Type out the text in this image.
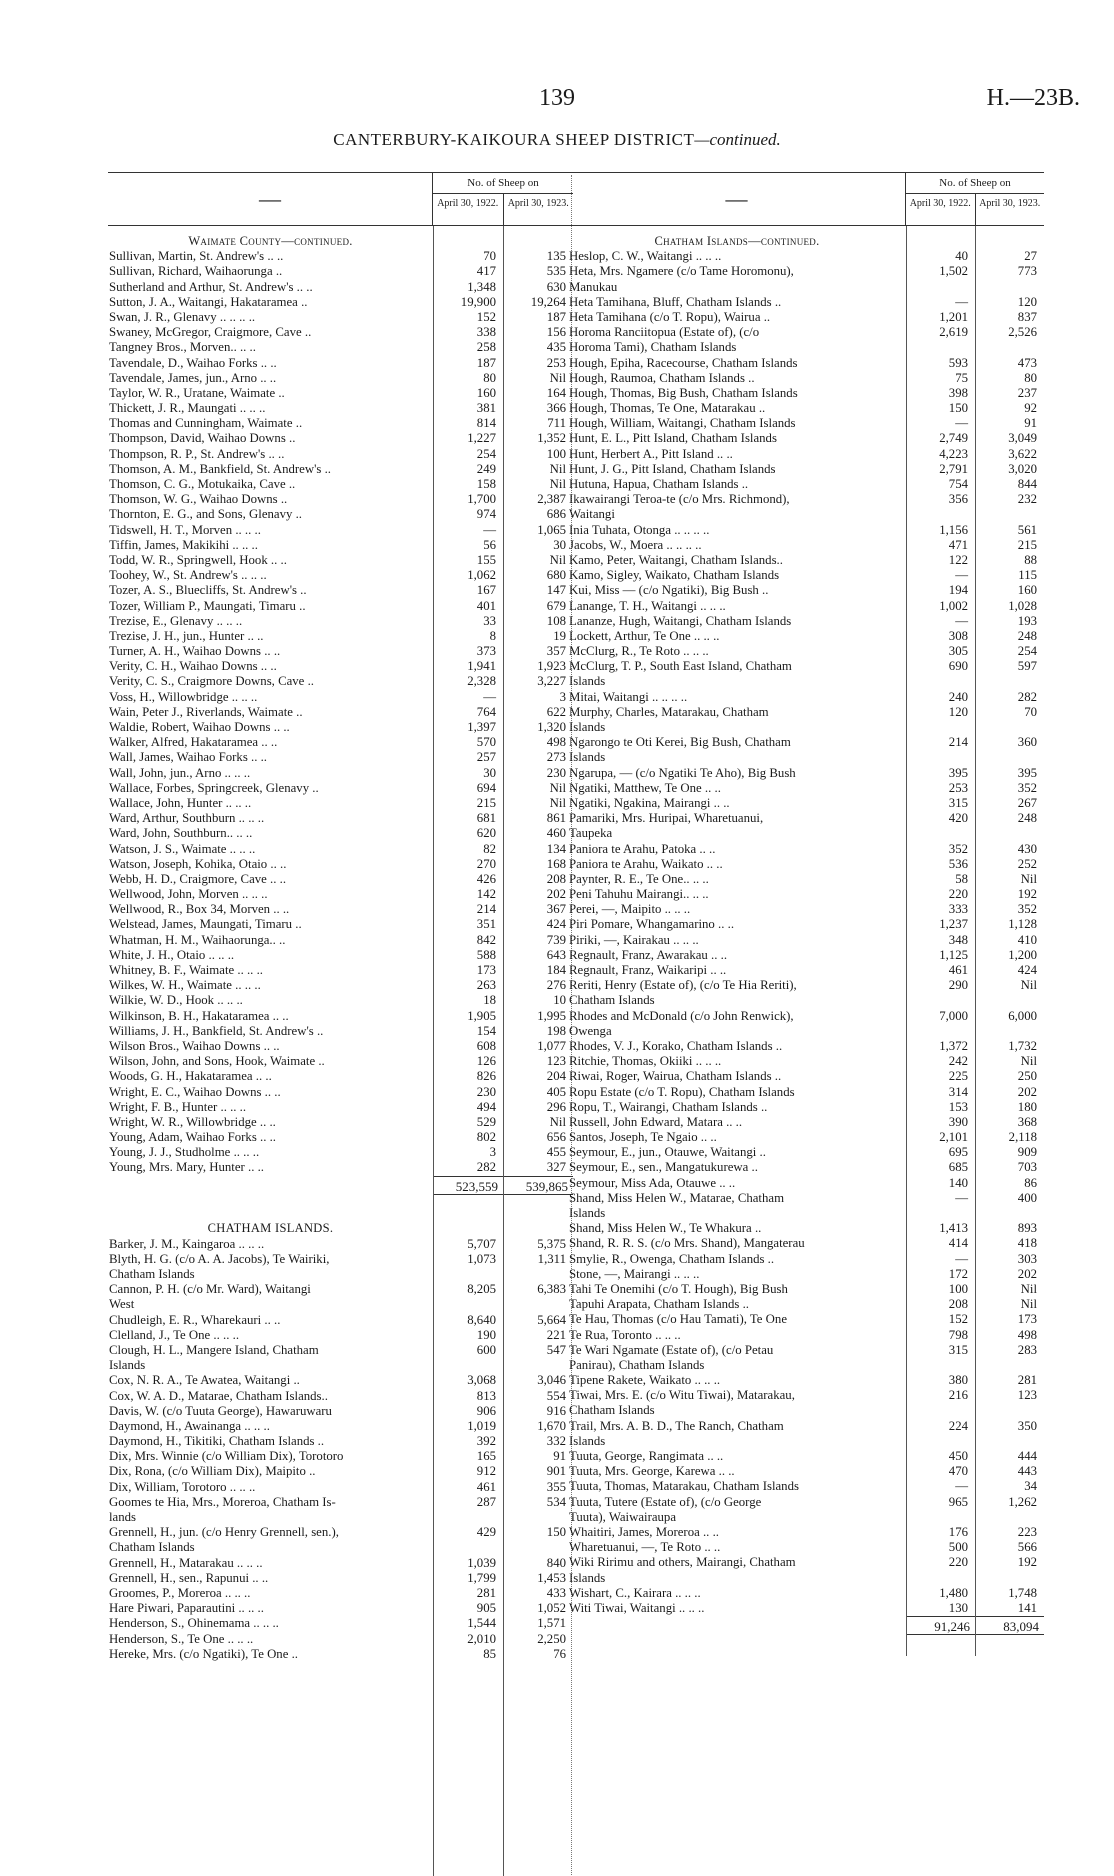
139	H.—23B.
CANTERBURY-KAIKOURA SHEEP DISTRICT—continued.
—
No. of Sheep on
April 30, 1922. April 30, 1923.
Waimate County—continued.
Sullivan, Martin, St. Andrew's .. ..	70	135
Sullivan, Richard, Waihaorunga ..	417	535
Sutherland and Arthur, St. Andrew's .. ..	1,348	630
Sutton, J. A., Waitangi, Hakataramea ..	19,900	19,264
Swan, J. R., Glenavy .. .. .. ..	152	187
Swaney, McGregor, Craigmore, Cave ..	338	156
Tangney Bros., Morven.. .. ..	258	435
Tavendale, D., Waihao Forks .. ..	187	253
Tavendale, James, jun., Arno .. ..	80	Nil
Taylor, W. R., Uratane, Waimate ..	160	164
Thickett, J. R., Maungati .. .. ..	381	366
Thomas and Cunningham, Waimate ..	814	711
Thompson, David, Waihao Downs ..	1,227	1,352
Thompson, R. P., St. Andrew's .. ..	254	100
Thomson, A. M., Bankfield, St. Andrew's ..	249	Nil
Thomson, C. G., Motukaika, Cave ..	158	Nil
Thomson, W. G., Waihao Downs ..	1,700	2,387
Thornton, E. G., and Sons, Glenavy ..	974	686
Tidswell, H. T., Morven .. .. ..	—	1,065
Tiffin, James, Makikihi .. .. ..	56	30
Todd, W. R., Springwell, Hook .. ..	155	Nil
Toohey, W., St. Andrew's .. .. ..	1,062	680
Tozer, A. S., Bluecliffs, St. Andrew's ..	167	147
Tozer, William P., Maungati, Timaru ..	401	679
Trezise, E., Glenavy .. .. ..	33	108
Trezise, J. H., jun., Hunter .. ..	8	19
Turner, A. H., Waihao Downs .. ..	373	357
Verity, C. H., Waihao Downs .. ..	1,941	1,923
Verity, C. S., Craigmore Downs, Cave ..	2,328	3,227
Voss, H., Willowbridge .. .. ..	—	3
Wain, Peter J., Riverlands, Waimate ..	764	622
Waldie, Robert, Waihao Downs .. ..	1,397	1,320
Walker, Alfred, Hakataramea .. ..	570	498
Wall, James, Waihao Forks .. ..	257	273
Wall, John, jun., Arno .. .. ..	30	230
Wallace, Forbes, Springcreek, Glenavy ..	694	Nil
Wallace, John, Hunter .. .. ..	215	Nil
Ward, Arthur, Southburn .. .. ..	681	861
Ward, John, Southburn.. .. ..	620	460
Watson, J. S., Waimate .. .. ..	82	134
Watson, Joseph, Kohika, Otaio .. ..	270	168
Webb, H. D., Craigmore, Cave .. ..	426	208
Wellwood, John, Morven .. .. ..	142	202
Wellwood, R., Box 34, Morven .. ..	214	367
Welstead, James, Maungati, Timaru ..	351	424
Whatman, H. M., Waihaorunga.. ..	842	739
White, J. H., Otaio .. .. ..	588	643
Whitney, B. F., Waimate .. .. ..	173	184
Wilkes, W. H., Waimate .. .. ..	263	276
Wilkie, W. D., Hook .. .. ..	18	10
Wilkinson, B. H., Hakataramea .. ..	1,905	1,995
Williams, J. H., Bankfield, St. Andrew's ..	154	198
Wilson Bros., Waihao Downs .. ..	608	1,077
Wilson, John, and Sons, Hook, Waimate ..	126	123
Woods, G. H., Hakataramea .. ..	826	204
Wright, E. C., Waihao Downs .. ..	230	405
Wright, F. B., Hunter .. .. ..	494	296
Wright, W. R., Willowbridge .. ..	529	Nil
Young, Adam, Waihao Forks .. ..	802	656
Young, J. J., Studholme .. .. ..	3	455
Young, Mrs. Mary, Hunter .. ..	282	327
523,559	539,865
CHATHAM ISLANDS.
Barker, J. M., Kaingaroa .. .. ..	5,707	5,375
Blyth, H. G. (c/o A. A. Jacobs), Te Wairiki,	1,073	1,311
Chatham Islands
Cannon, P. H. (c/o Mr. Ward), Waitangi	8,205	6,383
West
Chudleigh, E. R., Wharekauri .. ..	8,640	5,664
Clelland, J., Te One .. .. ..	190	221
Clough, H. L., Mangere Island, Chatham	600	547
Islands
Cox, N. R. A., Te Awatea, Waitangi ..	3,068	3,046
Cox, W. A. D., Matarae, Chatham Islands..	813	554
Davis, W. (c/o Tuuta George), Hawaruwaru	906	916
Daymond, H., Awainanga .. .. ..	1,019	1,670
Daymond, H., Tikitiki, Chatham Islands ..	392	332
Dix, Mrs. Winnie (c/o William Dix), Torotoro	165	91
Dix, Rona, (c/o William Dix), Maipito ..	912	901
Dix, William, Torotoro .. .. ..	461	355
Goomes te Hia, Mrs., Moreroa, Chatham Is-	287	534
lands
Grennell, H., jun. (c/o Henry Grennell, sen.),	429	150
Chatham Islands
Grennell, H., Matarakau .. .. ..	1,039	840
Grennell, H., sen., Rapunui .. ..	1,799	1,453
Groomes, P., Moreroa .. .. ..	281	433
Hare Piwari, Paparautini .. .. ..	905	1,052
Henderson, S., Ohinemama .. .. ..	1,544	1,571
Henderson, S., Te One .. .. ..	2,010	2,250
Hereke, Mrs. (c/o Ngatiki), Te One ..	85	76
—
No. of Sheep on
April 30, 1922. April 30, 1923.
Chatham Islands—continued.
Heslop, C. W., Waitangi .. .. ..	40	27
Heta, Mrs. Ngamere (c/o Tame Horomonu),	1,502	773
Manukau
Heta Tamihana, Bluff, Chatham Islands ..	—	120
Heta Tamihana (c/o T. Ropu), Wairua ..	1,201	837
Horoma Ranciitopua (Estate of), (c/o	2,619	2,526
Horoma Tami), Chatham Islands
Hough, Epiha, Racecourse, Chatham Islands	593	473
Hough, Raumoa, Chatham Islands ..	75	80
Hough, Thomas, Big Bush, Chatham Islands	398	237
Hough, Thomas, Te One, Matarakau ..	150	92
Hough, William, Waitangi, Chatham Islands	—	91
Hunt, E. L., Pitt Island, Chatham Islands	2,749	3,049
Hunt, Herbert A., Pitt Island .. ..	4,223	3,622
Hunt, J. G., Pitt Island, Chatham Islands	2,791	3,020
Hutuna, Hapua, Chatham Islands ..	754	844
Ikawairangi Teroa-te (c/o Mrs. Richmond),	356	232
Waitangi
Inia Tuhata, Otonga .. .. .. ..	1,156	561
Jacobs, W., Moera .. .. .. ..	471	215
Kamo, Peter, Waitangi, Chatham Islands..	122	88
Kamo, Sigley, Waikato, Chatham Islands	—	115
Kui, Miss — (c/o Ngatiki), Big Bush ..	194	160
Lanange, T. H., Waitangi .. .. ..	1,002	1,028
Lananze, Hugh, Waitangi, Chatham Islands	—	193
Lockett, Arthur, Te One .. .. ..	308	248
McClurg, R., Te Roto .. .. ..	305	254
McClurg, T. P., South East Island, Chatham	690	597
Islands
Mitai, Waitangi .. .. .. ..	240	282
Murphy, Charles, Matarakau, Chatham	120	70
Islands
Ngarongo te Oti Kerei, Big Bush, Chatham	214	360
Islands
Ngarupa, — (c/o Ngatiki Te Aho), Big Bush	395	395
Ngatiki, Matthew, Te One .. ..	253	352
Ngatiki, Ngakina, Mairangi .. ..	315	267
Pamariki, Mrs. Huripai, Wharetuanui,	420	248
Taupeka
Paniora te Arahu, Patoka .. ..	352	430
Paniora te Arahu, Waikato .. ..	536	252
Paynter, R. E., Te One.. .. ..	58	Nil
Peni Tahuhu Mairangi.. .. ..	220	192
Perei, —, Maipito .. .. ..	333	352
Piri Pomare, Whangamarino .. ..	1,237	1,128
Piriki, —, Kairakau .. .. ..	348	410
Regnault, Franz, Awarakau .. ..	1,125	1,200
Regnault, Franz, Waikaripi .. ..	461	424
Reriti, Henry (Estate of), (c/o Te Hia Reriti),	290	Nil
Chatham Islands
Rhodes and McDonald (c/o John Renwick),	7,000	6,000
Owenga
Rhodes, V. J., Korako, Chatham Islands ..	1,372	1,732
Ritchie, Thomas, Okiiki .. .. ..	242	Nil
Riwai, Roger, Wairua, Chatham Islands ..	225	250
Ropu Estate (c/o T. Ropu), Chatham Islands	314	202
Ropu, T., Wairangi, Chatham Islands ..	153	180
Russell, John Edward, Matara .. ..	390	368
Santos, Joseph, Te Ngaio .. ..	2,101	2,118
Seymour, E., jun., Otauwe, Waitangi ..	695	909
Seymour, E., sen., Mangatukurewa ..	685	703
Seymour, Miss Ada, Otauwe .. ..	140	86
Shand, Miss Helen W., Matarae, Chatham	—	400
Islands
Shand, Miss Helen W., Te Whakura ..	1,413	893
Shand, R. R. S. (c/o Mrs. Shand), Mangaterau	414	418
Smylie, R., Owenga, Chatham Islands ..	—	303
Stone, —, Mairangi .. .. ..	172	202
Tahi Te Onemihi (c/o T. Hough), Big Bush	100	Nil
Tapuhi Arapata, Chatham Islands ..	208	Nil
Te Hau, Thomas (c/o Hau Tamati), Te One	152	173
Te Rua, Toronto .. .. ..	798	498
Te Wari Ngamate (Estate of), (c/o Petau	315	283
Panirau), Chatham Islands
Tipene Rakete, Waikato .. .. ..	380	281
Tiwai, Mrs. E. (c/o Witu Tiwai), Matarakau,	216	123
Chatham Islands
Trail, Mrs. A. B. D., The Ranch, Chatham	224	350
Islands
Tuuta, George, Rangimata .. ..	450	444
Tuuta, Mrs. George, Karewa .. ..	470	443
Tuuta, Thomas, Matarakau, Chatham Islands	—	34
Tuuta, Tutere (Estate of), (c/o George	965	1,262
Tuuta), Waiwairaupa
Whaitiri, James, Moreroa .. ..	176	223
Wharetuanui, —, Te Roto .. ..	500	566
Wiki Ririmu and others, Mairangi, Chatham	220	192
Islands
Wishart, C., Kairara .. .. ..	1,480	1,748
Witi Tiwai, Waitangi .. .. ..	130	141
91,246	83,094
